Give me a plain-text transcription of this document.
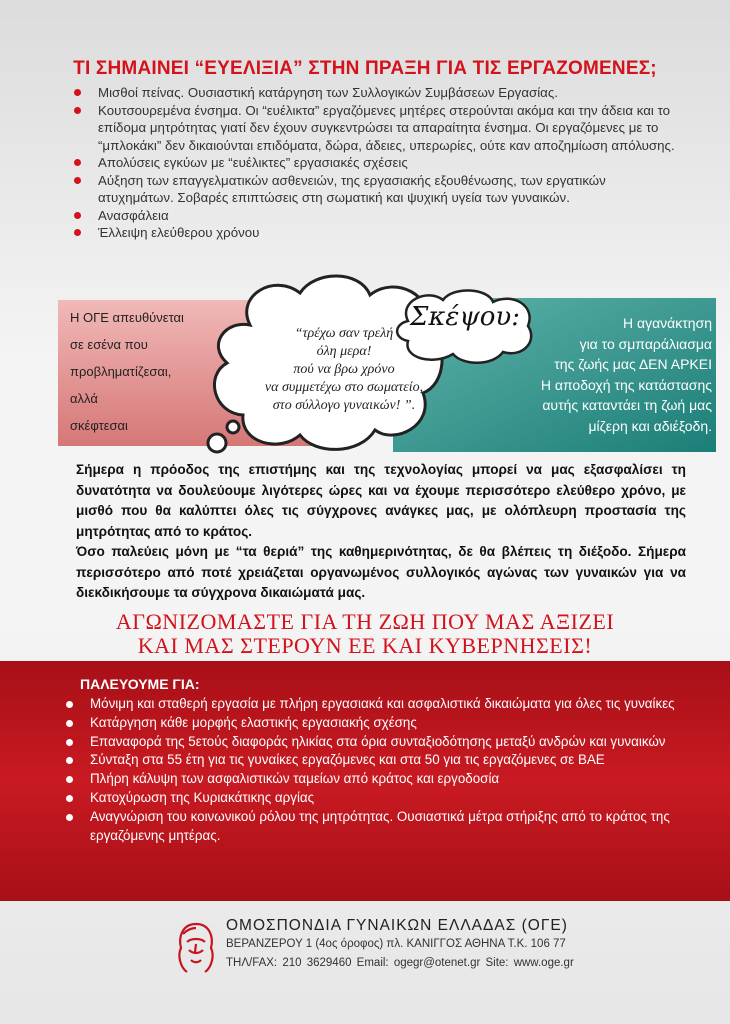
ΤΙ ΣΗΜΑΙΝΕΙ “ΕΥΕΛΙΞΙΑ” ΣΤΗΝ ΠΡΑΞΗ ΓΙΑ ΤΙΣ ΕΡΓΑΖΟΜΕΝΕΣ;
Μισθοί πείνας. Ουσιαστική κατάργηση των Συλλογικών Συμβάσεων Εργασίας.
Κουτσουρεμένα ένσημα. Οι “ευέλικτα” εργαζόμενες μητέρες στερούνται ακόμα και την άδεια και το επίδομα μητρότητας γιατί δεν έχουν συγκεντρώσει τα απαραίτητα ένσημα. Οι εργαζόμενες με το “μπλοκάκι” δεν δικαιούνται επιδόματα, δώρα, άδειες, υπερωρίες, ούτε καν αποζημίωση απόλυσης.
Απολύσεις εγκύων με “ευέλικτες” εργασιακές σχέσεις
Αύξηση των επαγγελματικών ασθενειών, της εργασιακής εξουθένωσης, των εργατικών ατυχημάτων. Σοβαρές επιπτώσεις στη σωματική και ψυχική υγεία των γυναικών.
Ανασφάλεια
Έλλειψη ελεύθερου χρόνου
Η ΟΓΕ απευθύνεται
σε εσένα που
προβληματίζεσαι,
αλλά
σκέφτεσαι
Η αγανάκτηση
για το σμπαράλιασμα
της ζωής μας ΔΕΝ ΑΡΚΕΙ
Η αποδοχή της κατάστασης
αυτής καταντάει τη ζωή μας
μίζερη και αδιέξοδη.
“τρέχω σαν τρελή
όλη μερα!
πού να βρω χρόνο
να συμμετέχω στο σωματείο,
στο σύλλογο γυναικών! ”.
Σκέψου:

Σήμερα η πρόοδος της επιστήμης και της τεχνολογίας μπορεί να μας εξασφαλίσει τη δυνατότητα να δουλεύουμε λιγότερες ώρες και να έχουμε περισσότερο ελεύθερο χρόνο, με μισθό που θα καλύπτει όλες τις σύγχρονες ανάγκες μας, με ολόπλευρη προστασία της μητρότητας από το κράτος.

Όσο παλεύεις μόνη με “τα θεριά” της καθημερινότητας, δε θα βλέπεις τη διέξοδο. Σήμερα περισσότερο από ποτέ χρειάζεται οργανωμένος συλλογικός αγώνας των γυναικών για να διεκδικήσουμε τα σύγχρονα δικαιώματά μας.

ΑΓΩΝΙΖΟΜΑΣΤΕ ΓΙΑ ΤΗ ΖΩΗ ΠΟΥ ΜΑΣ ΑΞΙΖΕΙ
ΚΑΙ ΜΑΣ ΣΤΕΡΟΥΝ ΕΕ ΚΑΙ ΚΥΒΕΡΝΗΣΕΙΣ!
ΠΑΛΕΥΟΥΜΕ ΓΙΑ:
Μόνιμη και σταθερή εργασία με πλήρη εργασιακά και ασφαλιστικά δικαιώματα για όλες τις γυναίκες
Κατάργηση κάθε μορφής ελαστικής εργασιακής σχέσης
Επαναφορά της 5ετούς διαφοράς ηλικίας στα όρια συνταξιοδότησης μεταξύ ανδρών και γυναικών
Σύνταξη στα 55 έτη για τις γυναίκες εργαζόμενες και στα 50 για τις εργαζόμενες σε ΒΑΕ
Πλήρη κάλυψη των ασφαλιστικών ταμείων από κράτος και εργοδοσία
Κατοχύρωση της Κυριακάτικης αργίας
Αναγνώριση του κοινωνικού ρόλου της μητρότητας. Ουσιαστικά μέτρα στήριξης από το κράτος της εργαζόμενης μητέρας.
ΟΜΟΣΠΟΝΔΙΑ ΓΥΝΑΙΚΩΝ ΕΛΛΑΔΑΣ (ΟΓΕ)
ΒΕΡΑΝΖΕΡΟΥ 1 (4ος όροφος) πλ. ΚΑΝΙΓΓΟΣ ΑΘΗΝΑ Τ.Κ. 106 77
ΤΗΛ/FAX: 210 3629460 Email: ogegr@otenet.gr Site: www.oge.gr
